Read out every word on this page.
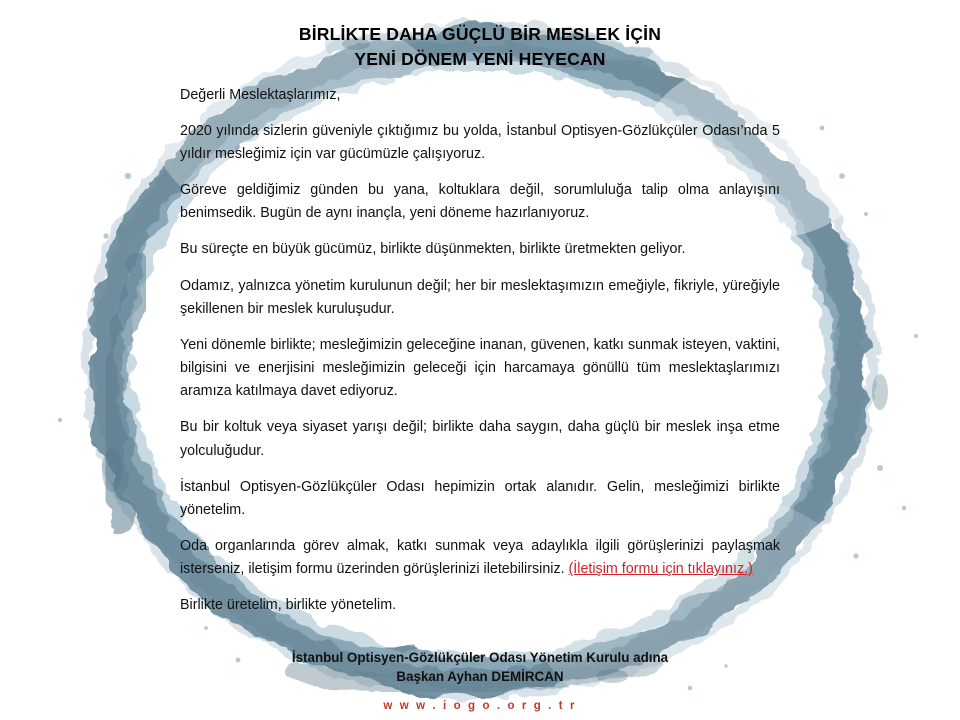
BİRLİKTE DAHA GÜÇLÜ BİR MESLEK İÇİN
YENİ DÖNEM YENİ HEYECAN

Değerli Meslektaşlarımız,

2020 yılında sizlerin güveniyle çıktığımız bu yolda, İstanbul Optisyen-Gözlükçüler Odası’nda 5 yıldır mesleğimiz için var gücümüzle çalışıyoruz.

Göreve geldiğimiz günden bu yana, koltuklara değil, sorumluluğa talip olma anlayışını benimsedik. Bugün de aynı inançla, yeni döneme hazırlanıyoruz.

Bu süreçte en büyük gücümüz, birlikte düşünmekten, birlikte üretmekten geliyor.

Odamız, yalnızca yönetim kurulunun değil; her bir meslektaşımızın emeğiyle, fikriyle, yüreğiyle şekillenen bir meslek kuruluşudur.

Yeni dönemle birlikte; mesleğimizin geleceğine inanan, güvenen, katkı sunmak isteyen, vaktini, bilgisini ve enerjisini mesleğimizin geleceği için harcamaya gönüllü tüm meslektaşlarımızı aramıza katılmaya davet ediyoruz.

Bu bir koltuk veya siyaset yarışı değil; birlikte daha saygın, daha güçlü bir meslek inşa etme yolculuğudur.

İstanbul Optisyen-Gözlükçüler Odası hepimizin ortak alanıdır. Gelin, mesleğimizi birlikte yönetelim.

Oda organlarında görev almak, katkı sunmak veya adaylıkla ilgili görüşlerinizi paylaşmak isterseniz, iletişim formu üzerinden görüşlerinizi iletebilirsiniz. (İletişim formu için tıklayınız.)

Birlikte üretelim, birlikte yönetelim.

İstanbul Optisyen-Gözlükçüler Odası Yönetim Kurulu adına
Başkan Ayhan DEMİRCAN
w w w . i o g o . o r g . t r
